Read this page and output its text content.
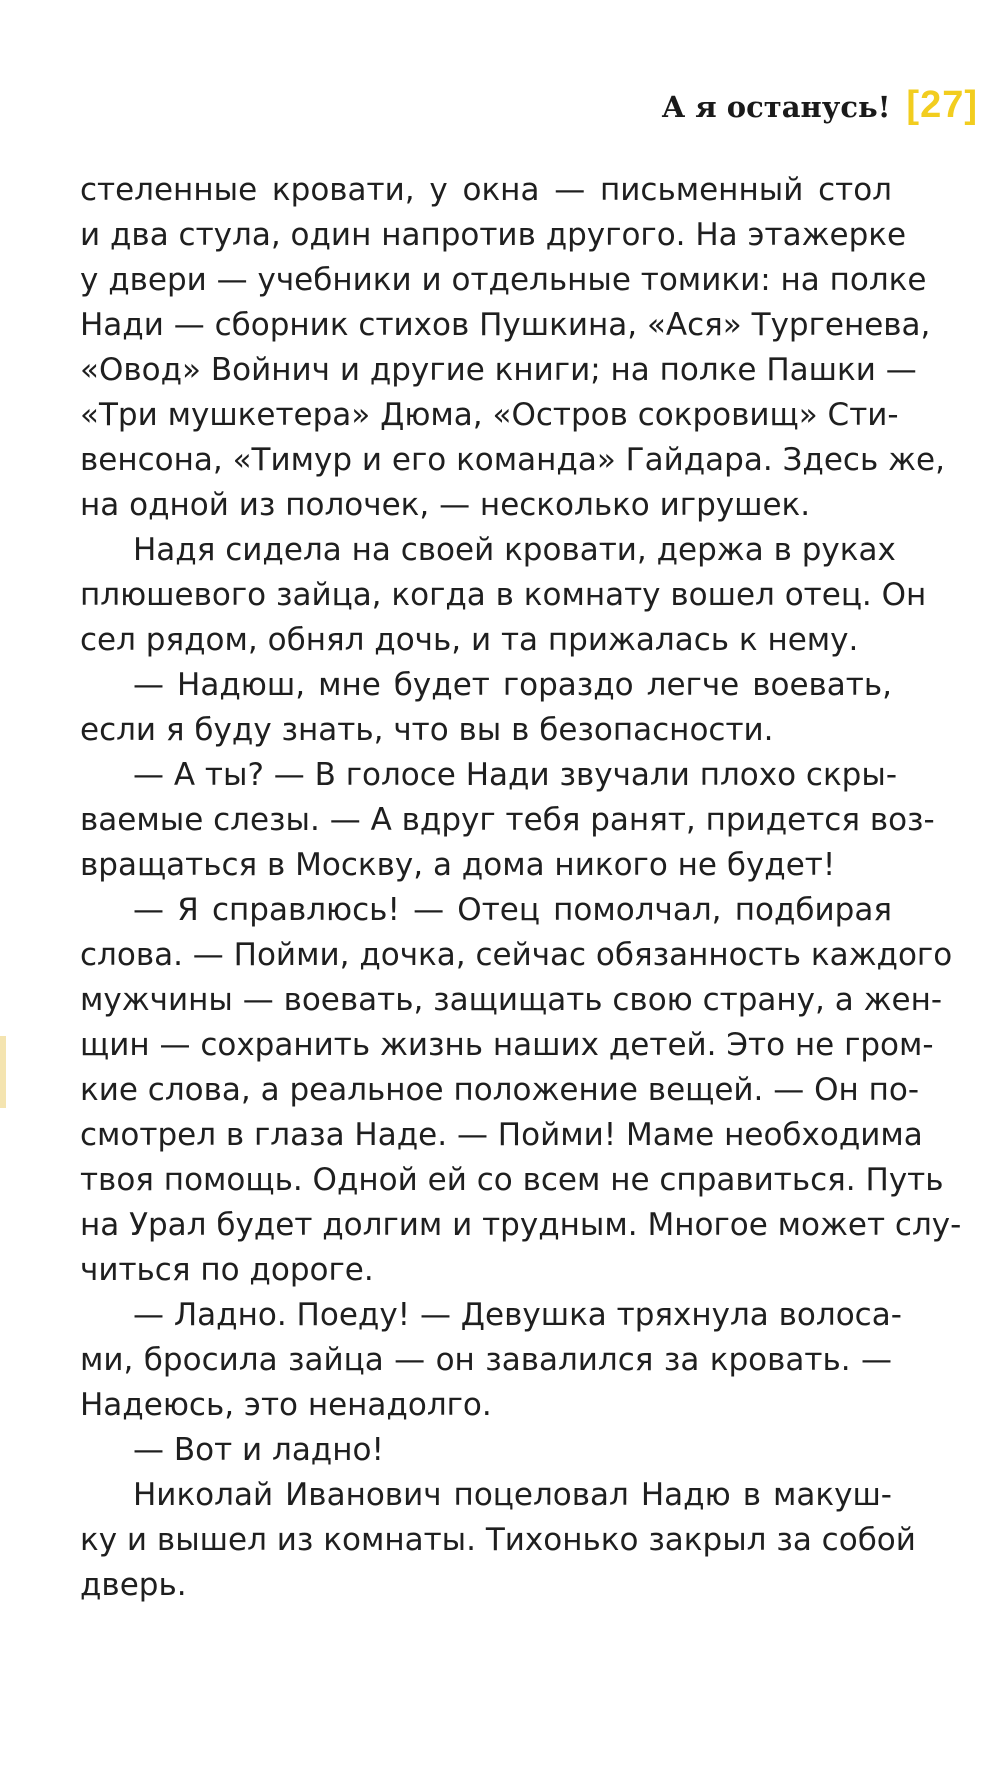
А я останусь! [27]
стеленные кровати, у окна — письменный стол
и два стула, один напротив другого. На этажерке
у двери — учебники и отдельные томики: на полке
Нади — сборник стихов Пушкина, «Ася» Тургенева,
«Овод» Войнич и другие книги; на полке Пашки —
«Три мушкетера» Дюма, «Остров сокровищ» Сти-
венсона, «Тимур и его команда» Гайдара. Здесь же,
на одной из полочек, — несколько игрушек.
Надя сидела на своей кровати, держа в руках
плюшевого зайца, когда в комнату вошел отец. Он
сел рядом, обнял дочь, и та прижалась к нему.
— Надюш, мне будет гораздо легче воевать,
если я буду знать, что вы в безопасности.
— А ты? — В голосе Нади звучали плохо скры-
ваемые слезы. — А вдруг тебя ранят, придется воз-
вращаться в Москву, а дома никого не будет!
— Я справлюсь! — Отец помолчал, подбирая
слова. — Пойми, дочка, сейчас обязанность каждого
мужчины — воевать, защищать свою страну, а жен-
щин — сохранить жизнь наших детей. Это не гром-
кие слова, а реальное положение вещей. — Он по-
смотрел в глаза Наде. — Пойми! Маме необходима
твоя помощь. Одной ей со всем не справиться. Путь
на Урал будет долгим и трудным. Многое может слу-
читься по дороге.
— Ладно. Поеду! — Девушка тряхнула волоса-
ми, бросила зайца — он завалился за кровать. —
Надеюсь, это ненадолго.
— Вот и ладно!
Николай Иванович поцеловал Надю в макуш-
ку и вышел из комнаты. Тихонько закрыл за собой
дверь.
